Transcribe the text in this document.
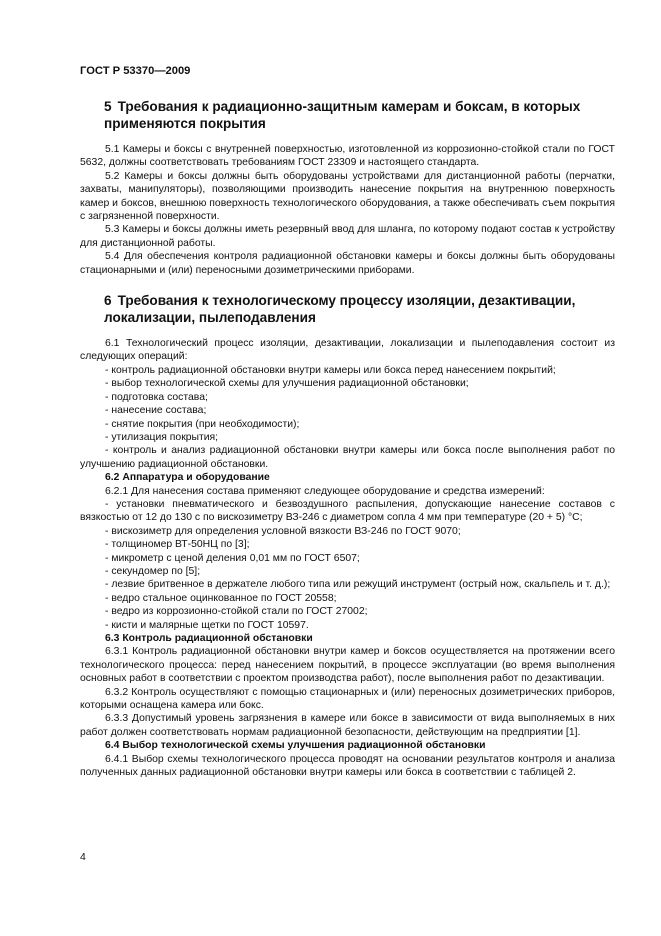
ГОСТ Р 53370—2009
5 Требования к радиационно-защитным камерам и боксам, в которых применяются покрытия
5.1 Камеры и боксы с внутренней поверхностью, изготовленной из коррозионно-стойкой стали по ГОСТ 5632, должны соответствовать требованиям ГОСТ 23309 и настоящего стандарта.
5.2 Камеры и боксы должны быть оборудованы устройствами для дистанционной работы (перчатки, захваты, манипуляторы), позволяющими производить нанесение покрытия на внутреннюю поверхность камер и боксов, внешнюю поверхность технологического оборудования, а также обеспечивать съем покрытия с загрязненной поверхности.
5.3 Камеры и боксы должны иметь резервный ввод для шланга, по которому подают состав к устройству для дистанционной работы.
5.4 Для обеспечения контроля радиационной обстановки камеры и боксы должны быть оборудованы стационарными и (или) переносными дозиметрическими приборами.
6 Требования к технологическому процессу изоляции, дезактивации, локализации, пылеподавления
6.1 Технологический процесс изоляции, дезактивации, локализации и пылеподавления состоит из следующих операций:
- контроль радиационной обстановки внутри камеры или бокса перед нанесением покрытий;
- выбор технологической схемы для улучшения радиационной обстановки;
- подготовка состава;
- нанесение состава;
- снятие покрытия (при необходимости);
- утилизация покрытия;
- контроль и анализ радиационной обстановки внутри камеры или бокса после выполнения работ по улучшению радиационной обстановки.
6.2 Аппаратура и оборудование
6.2.1 Для нанесения состава применяют следующее оборудование и средства измерений:
- установки пневматического и безвоздушного распыления, допускающие нанесение составов с вязкостью от 12 до 130 с по вискозиметру ВЗ-246 с диаметром сопла 4 мм при температуре (20 + 5) °С;
- вискозиметр для определения условной вязкости ВЗ-246 по ГОСТ 9070;
- толщиномер ВТ-50НЦ по [3];
- микрометр с ценой деления 0,01 мм по ГОСТ 6507;
- секундомер по [5];
- лезвие бритвенное в держателе любого типа или режущий инструмент (острый нож, скальпель и т. д.);
- ведро стальное оцинкованное по ГОСТ 20558;
- ведро из коррозионно-стойкой стали по ГОСТ 27002;
- кисти и малярные щетки по ГОСТ 10597.
6.3 Контроль радиационной обстановки
6.3.1 Контроль радиационной обстановки внутри камер и боксов осуществляется на протяжении всего технологического процесса: перед нанесением покрытий, в процессе эксплуатации (во время выполнения основных работ в соответствии с проектом производства работ), после выполнения работ по дезактивации.
6.3.2 Контроль осуществляют с помощью стационарных и (или) переносных дозиметрических приборов, которыми оснащена камера или бокс.
6.3.3 Допустимый уровень загрязнения в камере или боксе в зависимости от вида выполняемых в них работ должен соответствовать нормам радиационной безопасности, действующим на предприятии [1].
6.4 Выбор технологической схемы улучшения радиационной обстановки
6.4.1 Выбор схемы технологического процесса проводят на основании результатов контроля и анализа полученных данных радиационной обстановки внутри камеры или бокса в соответствии с таблицей 2.
4
